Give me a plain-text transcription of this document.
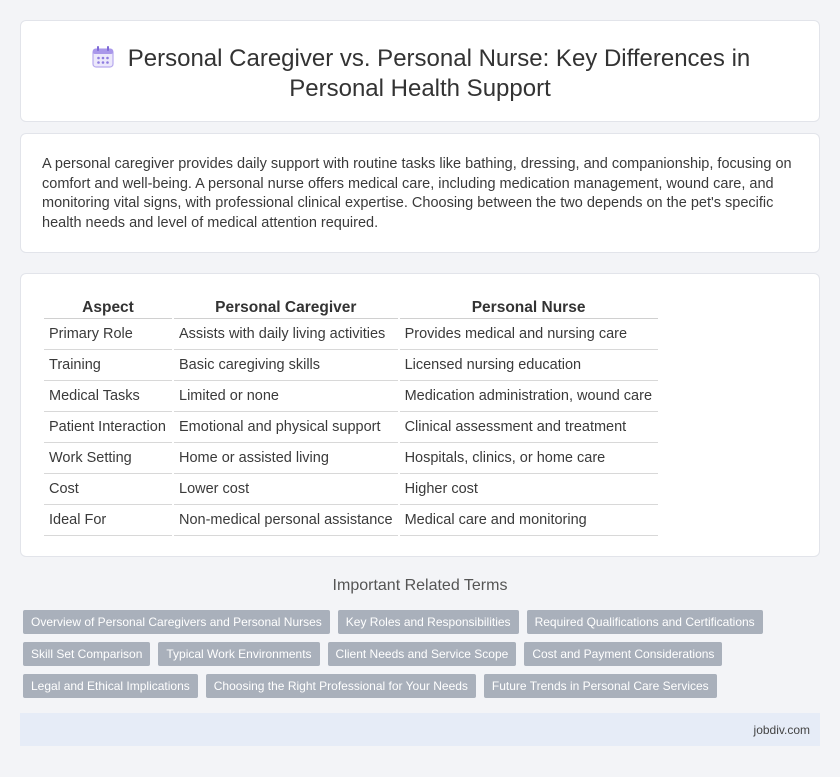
Personal Caregiver vs. Personal Nurse: Key Differences in Personal Health Support

A personal caregiver provides daily support with routine tasks like bathing, dressing, and companionship, focusing on comfort and well-being. A personal nurse offers medical care, including medication management, wound care, and monitoring vital signs, with professional clinical expertise. Choosing between the two depends on the pet's specific health needs and level of medical attention required.

Aspect	Personal Caregiver	Personal Nurse
Primary Role	Assists with daily living activities	Provides medical and nursing care
Training	Basic caregiving skills	Licensed nursing education
Medical Tasks	Limited or none	Medication administration, wound care
Patient Interaction	Emotional and physical support	Clinical assessment and treatment
Work Setting	Home or assisted living	Hospitals, clinics, or home care
Cost	Lower cost	Higher cost
Ideal For	Non-medical personal assistance	Medical care and monitoring
Important Related Terms
Overview of Personal Caregivers and Personal Nurses	Key Roles and Responsibilities	Required Qualifications and Certifications
Skill Set Comparison	Typical Work Environments	Client Needs and Service Scope	Cost and Payment Considerations
Legal and Ethical Implications	Choosing the Right Professional for Your Needs	Future Trends in Personal Care Services
jobdiv.com
